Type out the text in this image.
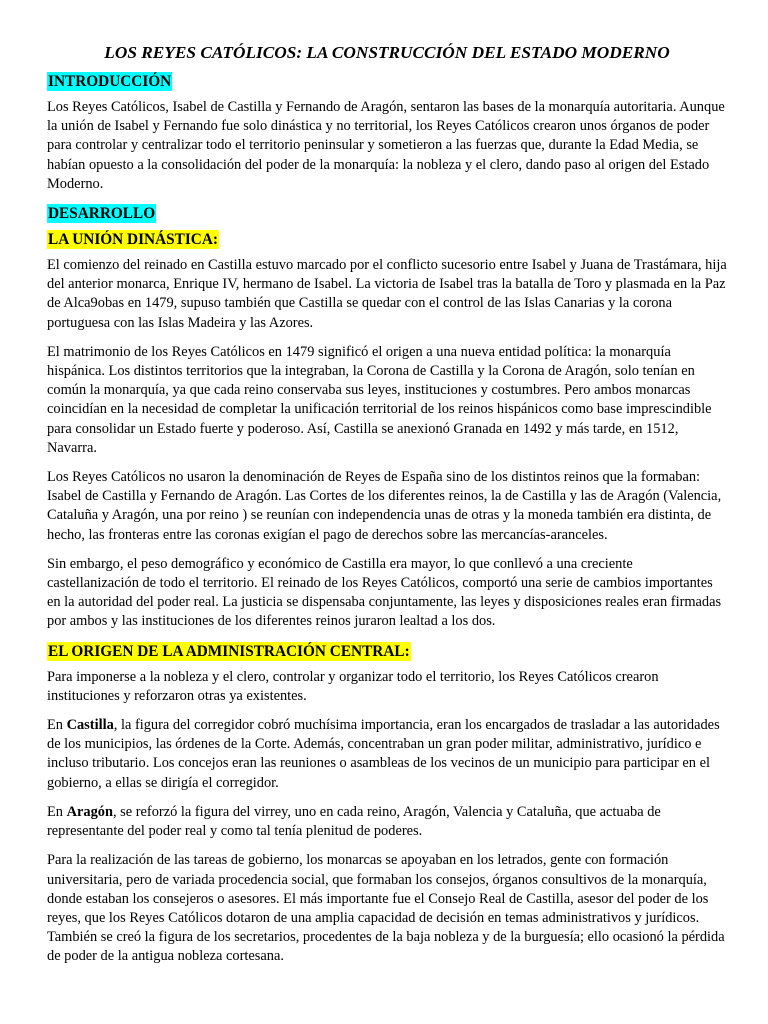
LOS REYES CATÓLICOS: LA CONSTRUCCIÓN DEL ESTADO MODERNO
INTRODUCCIÓN

Los Reyes Católicos, Isabel de Castilla y Fernando de Aragón, sentaron las bases de la monarquía autoritaria. Aunque la unión de Isabel y Fernando fue solo dinástica y no territorial, los Reyes Católicos crearon unos órganos de poder para controlar y centralizar todo el territorio peninsular y sometieron a las fuerzas que, durante la Edad Media, se habían opuesto a la consolidación del poder de la monarquía: la nobleza y el clero, dando paso al origen del Estado Moderno.

DESARROLLO
LA UNIÓN DINÁSTICA:

El comienzo del reinado en Castilla estuvo marcado por el conflicto sucesorio entre Isabel y Juana de Trastámara, hija del anterior monarca, Enrique IV, hermano de Isabel. La victoria de Isabel tras la batalla de Toro y plasmada en la Paz de Alca9obas en 1479, supuso también que Castilla se quedar con el control de las Islas Canarias y la corona portuguesa con las Islas Madeira y las Azores.

El matrimonio de los Reyes Católicos en 1479 significó el origen a una nueva entidad política: la monarquía hispánica. Los distintos territorios que la integraban, la Corona de Castilla y la Corona de Aragón, solo tenían en común la monarquía, ya que cada reino conservaba sus leyes, instituciones y costumbres. Pero ambos monarcas coincidían en la necesidad de completar la unificación territorial de los reinos hispánicos como base imprescindible para consolidar un Estado fuerte y poderoso. Así, Castilla se anexionó Granada en 1492 y más tarde, en 1512, Navarra.

Los Reyes Católicos no usaron la denominación de Reyes de España sino de los distintos reinos que la formaban: Isabel de Castilla y Fernando de Aragón. Las Cortes de los diferentes reinos, la de Castilla y las de Aragón (Valencia, Cataluña y Aragón, una por reino ) se reunían con independencia unas de otras y la moneda también era distinta, de hecho, las fronteras entre las coronas exigían el pago de derechos sobre las mercancías-aranceles.

Sin embargo, el peso demográfico y económico de Castilla era mayor, lo que conllevó a una creciente castellanización de todo el territorio. El reinado de los Reyes Católicos, comportó una serie de cambios importantes en la autoridad del poder real. La justicia se dispensaba conjuntamente, las leyes y disposiciones reales eran firmadas por ambos y las instituciones de los diferentes reinos juraron lealtad a los dos.

EL ORIGEN DE LA ADMINISTRACIÓN CENTRAL:

Para imponerse a la nobleza y el clero, controlar y organizar todo el territorio, los Reyes Católicos crearon instituciones y reforzaron otras ya existentes.

En Castilla, la figura del corregidor cobró muchísima importancia, eran los encargados de trasladar a las autoridades de los municipios, las órdenes de la Corte. Además, concentraban un gran poder militar, administrativo, jurídico e incluso tributario. Los concejos eran las reuniones o asambleas de los vecinos de un municipio para participar en el gobierno, a ellas se dirigía el corregidor.

En Aragón, se reforzó la figura del virrey, uno en cada reino, Aragón, Valencia y Cataluña, que actuaba de representante del poder real y como tal tenía plenitud de poderes.

Para la realización de las tareas de gobierno, los monarcas se apoyaban en los letrados, gente con formación universitaria, pero de variada procedencia social, que formaban los consejos, órganos consultivos de la monarquía, donde estaban los consejeros o asesores. El más importante fue el Consejo Real de Castilla, asesor del poder de los reyes, que los Reyes Católicos dotaron de una amplia capacidad de decisión en temas administrativos y jurídicos. También se creó la figura de los secretarios, procedentes de la baja nobleza y de la burguesía; ello ocasionó la pérdida de poder de la antigua nobleza cortesana.
